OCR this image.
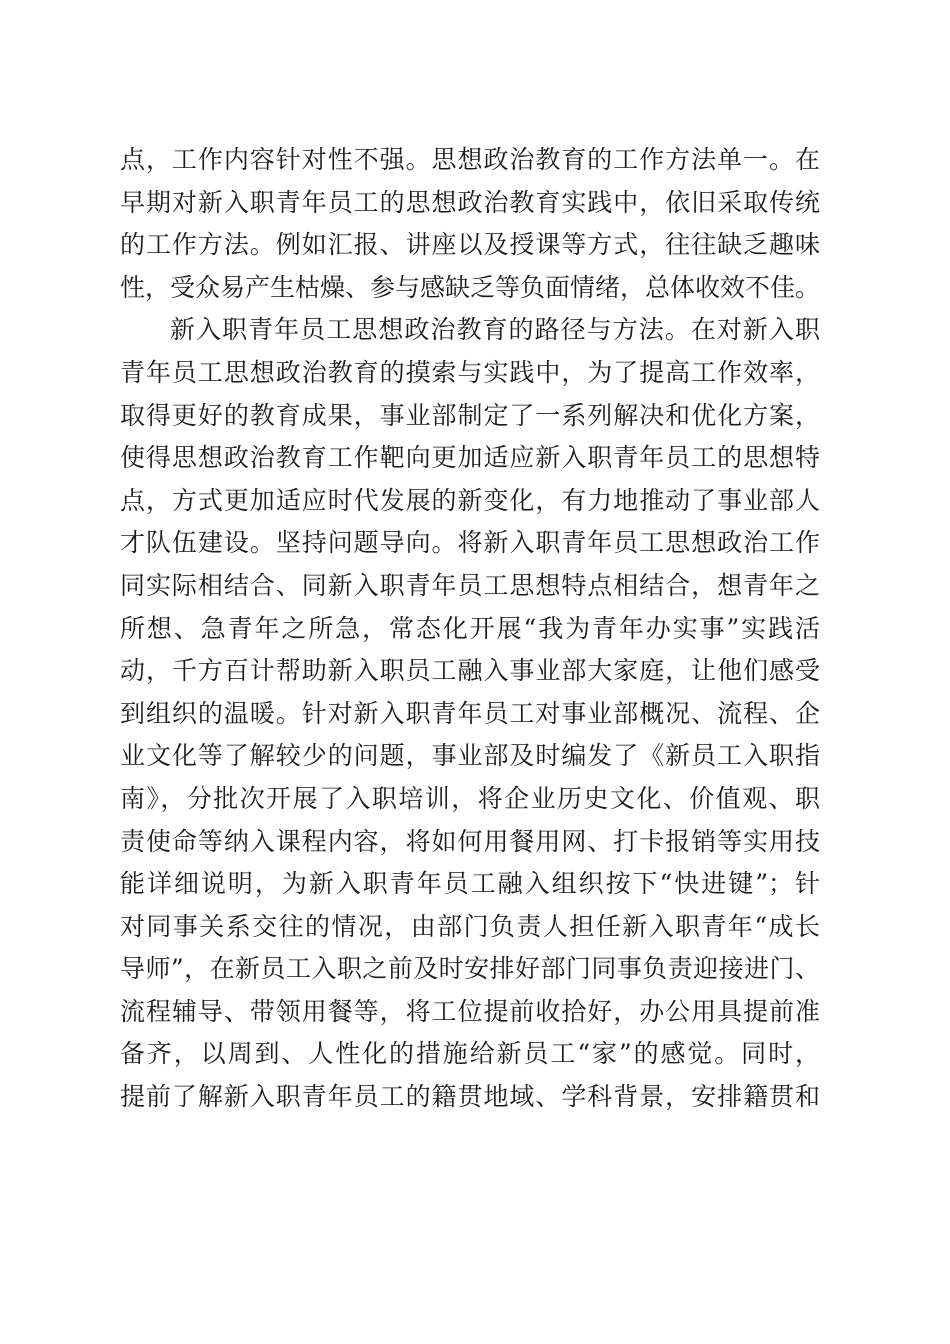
点，工作内容针对性不强。思想政治教育的工作方法单一。在
早期对新入职青年员工的思想政治教育实践中，依旧采取传统
的工作方法。例如汇报、讲座以及授课等方式，往往缺乏趣味
性，受众易产生枯燥、参与感缺乏等负面情绪，总体收效不佳。
新入职青年员工思想政治教育的路径与方法。在对新入职
青年员工思想政治教育的摸索与实践中，为了提高工作效率，
取得更好的教育成果，事业部制定了一系列解决和优化方案，
使得思想政治教育工作靶向更加适应新入职青年员工的思想特
点，方式更加适应时代发展的新变化，有力地推动了事业部人
才队伍建设。坚持问题导向。将新入职青年员工思想政治工作
同实际相结合、同新入职青年员工思想特点相结合，想青年之
所想、急青年之所急，常态化开展“我为青年办实事”实践活
动，千方百计帮助新入职员工融入事业部大家庭，让他们感受
到组织的温暖。针对新入职青年员工对事业部概况、流程、企
业文化等了解较少的问题，事业部及时编发了《新员工入职指
南》，分批次开展了入职培训，将企业历史文化、价值观、职
责使命等纳入课程内容，将如何用餐用网、打卡报销等实用技
能详细说明，为新入职青年员工融入组织按下“快进键”；针
对同事关系交往的情况，由部门负责人担任新入职青年“成长
导师”，在新员工入职之前及时安排好部门同事负责迎接进门、
流程辅导、带领用餐等，将工位提前收拾好，办公用具提前准
备齐，以周到、人性化的措施给新员工“家”的感觉。同时，
提前了解新入职青年员工的籍贯地域、学科背景，安排籍贯和
